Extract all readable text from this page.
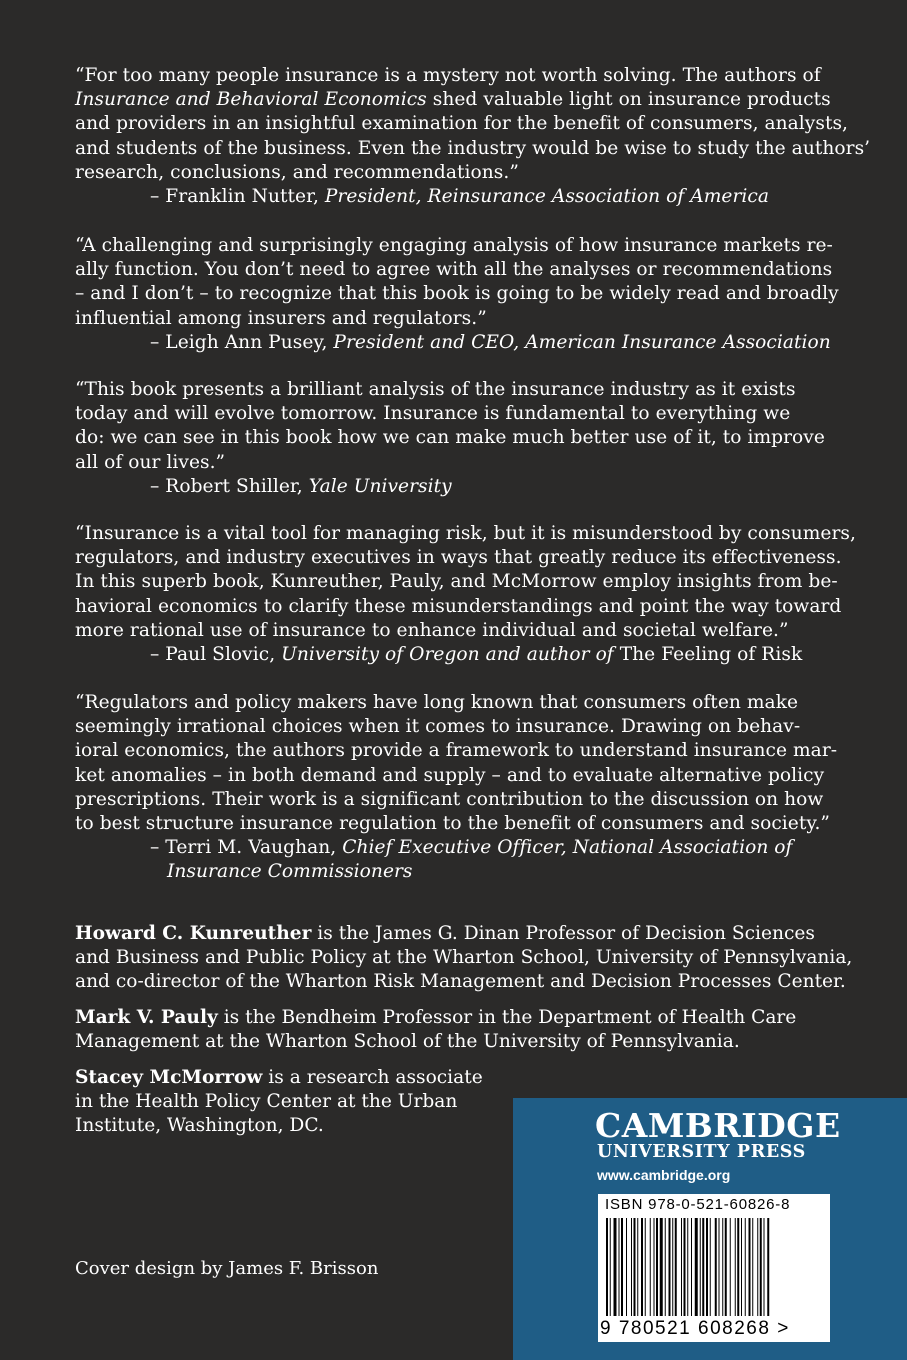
“For too many people insurance is a mystery not worth solving. The authors of
Insurance and Behavioral Economics shed valuable light on insurance products
and providers in an insightful examination for the benefit of consumers, analysts,
and students of the business. Even the industry would be wise to study the authors’
research, conclusions, and recommendations.”
– Franklin Nutter, President, Reinsurance Association of America
“A challenging and surprisingly engaging analysis of how insurance markets re-
ally function. You don’t need to agree with all the analyses or recommendations
– and I don’t – to recognize that this book is going to be widely read and broadly
influential among insurers and regulators.”
– Leigh Ann Pusey, President and CEO, American Insurance Association
“This book presents a brilliant analysis of the insurance industry as it exists
today and will evolve tomorrow. Insurance is fundamental to everything we
do: we can see in this book how we can make much better use of it, to improve
all of our lives.”
– Robert Shiller, Yale University
“Insurance is a vital tool for managing risk, but it is misunderstood by consumers,
regulators, and industry executives in ways that greatly reduce its effectiveness.
In this superb book, Kunreuther, Pauly, and McMorrow employ insights from be-
havioral economics to clarify these misunderstandings and point the way toward
more rational use of insurance to enhance individual and societal welfare.”
– Paul Slovic, University of Oregon and author of The Feeling of Risk
“Regulators and policy makers have long known that consumers often make
seemingly irrational choices when it comes to insurance. Drawing on behav-
ioral economics, the authors provide a framework to understand insurance mar-
ket anomalies – in both demand and supply – and to evaluate alternative policy
prescriptions. Their work is a significant contribution to the discussion on how
to best structure insurance regulation to the benefit of consumers and society.”
– Terri M. Vaughan, Chief Executive Officer, National Association of
Insurance Commissioners
Howard C. Kunreuther is the James G. Dinan Professor of Decision Sciences
and Business and Public Policy at the Wharton School, University of Pennsylvania,
and co-director of the Wharton Risk Management and Decision Processes Center.
Mark V. Pauly is the Bendheim Professor in the Department of Health Care
Management at the Wharton School of the University of Pennsylvania.
Stacey McMorrow is a research associate
in the Health Policy Center at the Urban
Institute, Washington, DC.
Cover design by James F. Brisson
CAMBRIDGE
UNIVERSITY PRESS
www.cambridge.org
ISBN 978-0-521-60826-8
9 780521 608268 >
